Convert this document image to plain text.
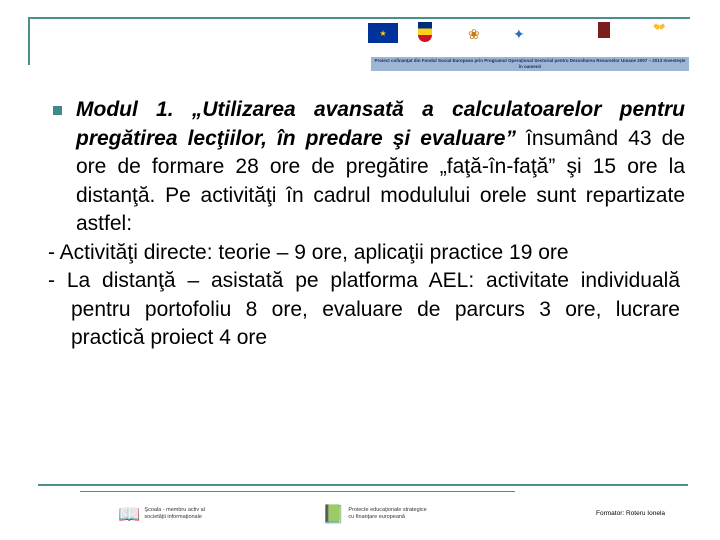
★	❀	✦	👐
Proiect cofinanţat din Fondul Social European prin Programul Operaţional Sectorial pentru Dezvoltarea Resurselor Umane 2007 – 2013 Investeşte în oameni!

Modul 1. „Utilizarea avansată a calculatoarelor pentru pregătirea lecţiilor, în predare şi evaluare” însumând 43 de ore de formare 28 ore de pregătire „faţă-în-faţă” şi 15 ore la distanţă. Pe activităţi în cadrul modulului orele sunt repartizate astfel:

- Activităţi directe: teorie – 9 ore, aplicaţii practice 19 ore

- La distanţă – asistată pe platforma AEL: activitate individuală pentru portofoliu 8 ore, evaluare de parcurs 3 ore, lucrare practică proiect 4 ore

📖 Şcoala - membru activ al societăţii informaţionale	📗 Proiecte educaţionale strategice cu finanţare europeană	Formator: Roteru Ionela
